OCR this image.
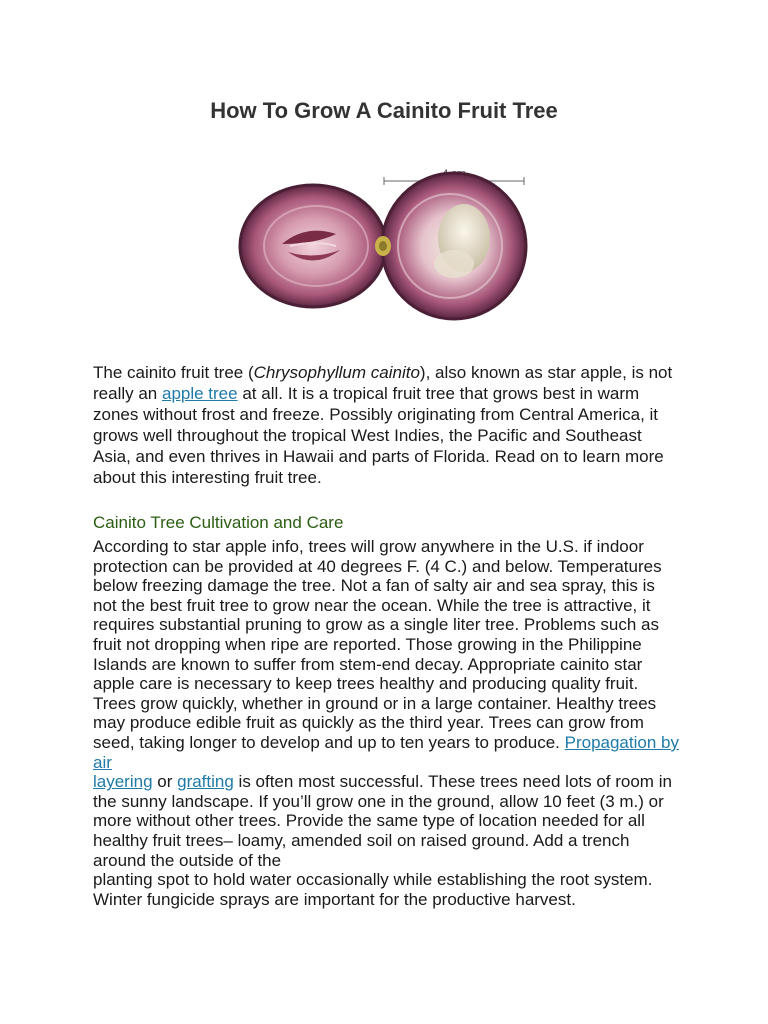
How To Grow A Cainito Fruit Tree

The cainito fruit tree (Chrysophyllum cainito), also known as star apple, is not really an apple tree at all. It is a tropical fruit tree that grows best in warm zones without frost and freeze. Possibly originating from Central America, it grows well throughout the tropical West Indies, the Pacific and Southeast Asia, and even thrives in Hawaii and parts of Florida. Read on to learn more about this interesting fruit tree.

Cainito Tree Cultivation and Care

According to star apple info, trees will grow anywhere in the U.S. if indoor protection can be provided at 40 degrees F. (4 C.) and below. Temperatures below freezing damage the tree. Not a fan of salty air and sea spray, this is not the best fruit tree to grow near the ocean. While the tree is attractive, it requires substantial pruning to grow as a single liter tree. Problems such as fruit not dropping when ripe are reported. Those growing in the Philippine Islands are known to suffer from stem-end decay. Appropriate cainito star apple care is necessary to keep trees healthy and producing quality fruit. Trees grow quickly, whether in ground or in a large container. Healthy trees may produce edible fruit as quickly as the third year. Trees can grow from seed, taking longer to develop and up to ten years to produce. Propagation by air
layering or grafting is often most successful. These trees need lots of room in the sunny landscape. If you’ll grow one in the ground, allow 10 feet (3 m.) or more without other trees. Provide the same type of location needed for all healthy fruit trees– loamy, amended soil on raised ground. Add a trench around the outside of the
planting spot to hold water occasionally while establishing the root system. Winter fungicide sprays are important for the productive harvest.
